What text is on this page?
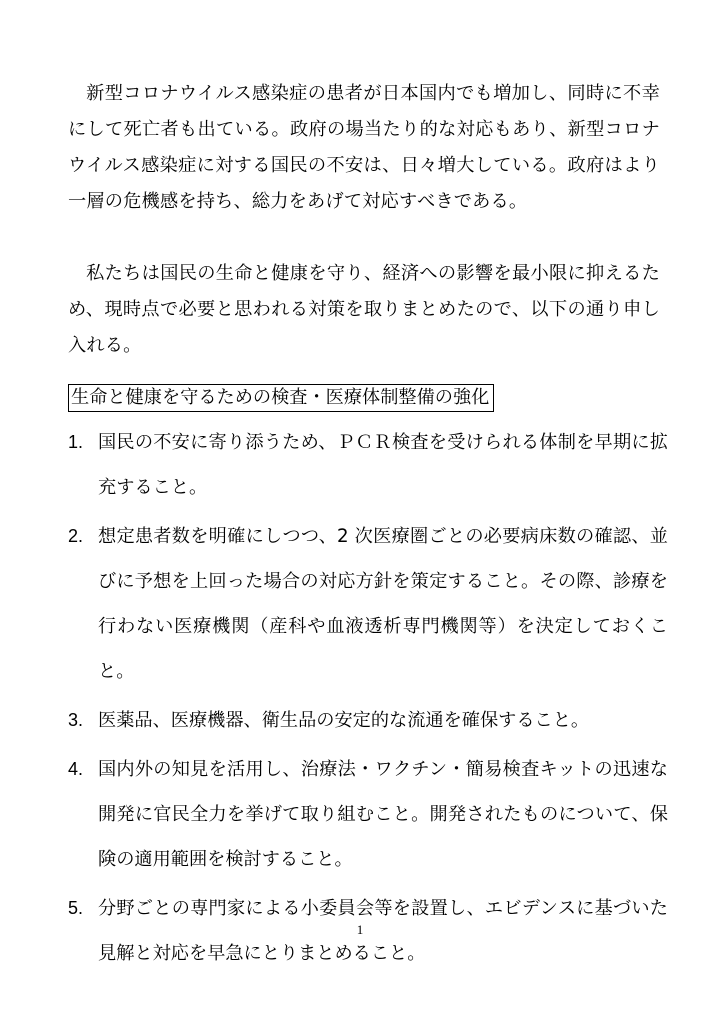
新型コロナウイルス感染症の患者が日本国内でも増加し、同時に不幸にして死亡者も出ている。政府の場当たり的な対応もあり、新型コロナウイルス感染症に対する国民の不安は、日々増大している。政府はより一層の危機感を持ち、総力をあげて対応すべきである。

私たちは国民の生命と健康を守り、経済への影響を最小限に抑えるため、現時点で必要と思われる対策を取りまとめたので、以下の通り申し入れる。

生命と健康を守るための検査・医療体制整備の強化
1. 国民の不安に寄り添うため、ＰＣＲ検査を受けられる体制を早期に拡充すること。
2. 想定患者数を明確にしつつ、2 次医療圏ごとの必要病床数の確認、並びに予想を上回った場合の対応方針を策定すること。その際、診療を行わない医療機関（産科や血液透析専門機関等）を決定しておくこと。
3. 医薬品、医療機器、衛生品の安定的な流通を確保すること。
4. 国内外の知見を活用し、治療法・ワクチン・簡易検査キットの迅速な開発に官民全力を挙げて取り組むこと。開発されたものについて、保険の適用範囲を検討すること。
5. 分野ごとの専門家による小委員会等を設置し、エビデンスに基づいた見解と対応を早急にとりまとめること。
1
